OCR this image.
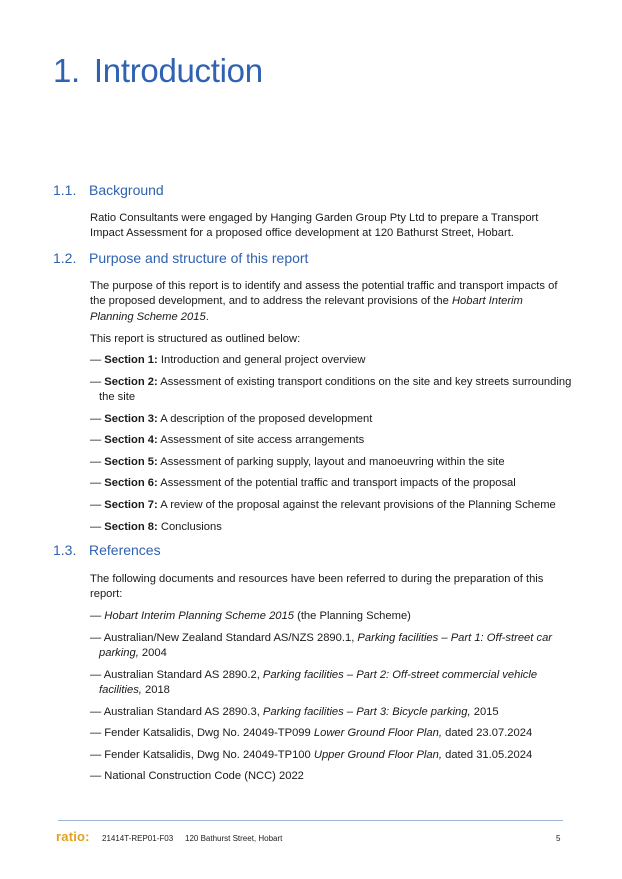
1. Introduction
1.1. Background

Ratio Consultants were engaged by Hanging Garden Group Pty Ltd to prepare a Transport Impact Assessment for a proposed office development at 120 Bathurst Street, Hobart.

1.2. Purpose and structure of this report

The purpose of this report is to identify and assess the potential traffic and transport impacts of the proposed development, and to address the relevant provisions of the Hobart Interim Planning Scheme 2015.

This report is structured as outlined below:

— Section 1: Introduction and general project overview

— Section 2: Assessment of existing transport conditions on the site and key streets surrounding the site

— Section 3: A description of the proposed development

— Section 4: Assessment of site access arrangements

— Section 5: Assessment of parking supply, layout and manoeuvring within the site

— Section 6: Assessment of the potential traffic and transport impacts of the proposal

— Section 7: A review of the proposal against the relevant provisions of the Planning Scheme

— Section 8: Conclusions

1.3. References

The following documents and resources have been referred to during the preparation of this report:

— Hobart Interim Planning Scheme 2015 (the Planning Scheme)

— Australian/New Zealand Standard AS/NZS 2890.1, Parking facilities – Part 1: Off-street car parking, 2004

— Australian Standard AS 2890.2, Parking facilities – Part 2: Off-street commercial vehicle facilities, 2018

— Australian Standard AS 2890.3, Parking facilities – Part 3: Bicycle parking, 2015

— Fender Katsalidis, Dwg No. 24049-TP099 Lower Ground Floor Plan, dated 23.07.2024

— Fender Katsalidis, Dwg No. 24049-TP100 Upper Ground Floor Plan, dated 31.05.2024

— National Construction Code (NCC) 2022

ratio: 21414T-REP01-F03 120 Bathurst Street, Hobart	5
